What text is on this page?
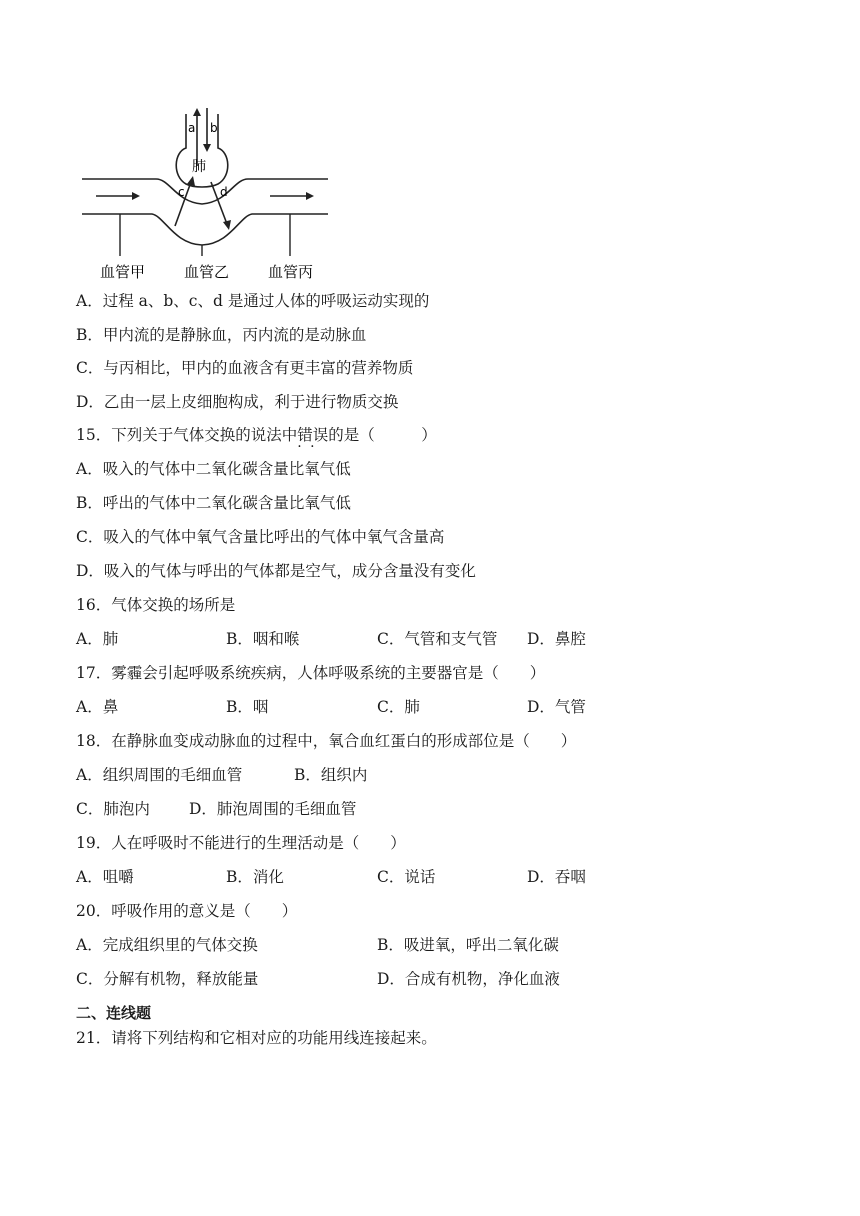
a b
肺
c	d
血管甲	血管乙	血管丙
A．过程 a、b、c、d 是通过人体的呼吸运动实现的
B．甲内流的是静脉血，丙内流的是动脉血
C．与丙相比，甲内的血液含有更丰富的营养物质
D．乙由一层上皮细胞构成，利于进行物质交换
15．下列关于气体交换的说法中错误 · ·的是（　　　）
A．吸入的气体中二氧化碳含量比氧气低
B．呼出的气体中二氧化碳含量比氧气低
C．吸入的气体中氧气含量比呼出的气体中氧气含量高
D．吸入的气体与呼出的气体都是空气，成分含量没有变化
16．气体交换的场所是
A．肺	B．咽和喉	C．气管和支气管 D．鼻腔
17．雾霾会引起呼吸系统疾病，人体呼吸系统的主要器官是（　　）
A．鼻	B．咽	C．肺	D．气管
18．在静脉血变成动脉血的过程中，氧合血红蛋白的形成部位是（　　）
A．组织周围的毛细血管	B．组织内
C．肺泡内	D．肺泡周围的毛细血管
19．人在呼吸时不能进行的生理活动是（　　）
A．咀嚼	B．消化	C．说话	D．吞咽
20．呼吸作用的意义是（　　）
A．完成组织里的气体交换	B．吸进氧，呼出二氧化碳
C．分解有机物，释放能量	D．合成有机物，净化血液
二、连线题
21．请将下列结构和它相对应的功能用线连接起来。
